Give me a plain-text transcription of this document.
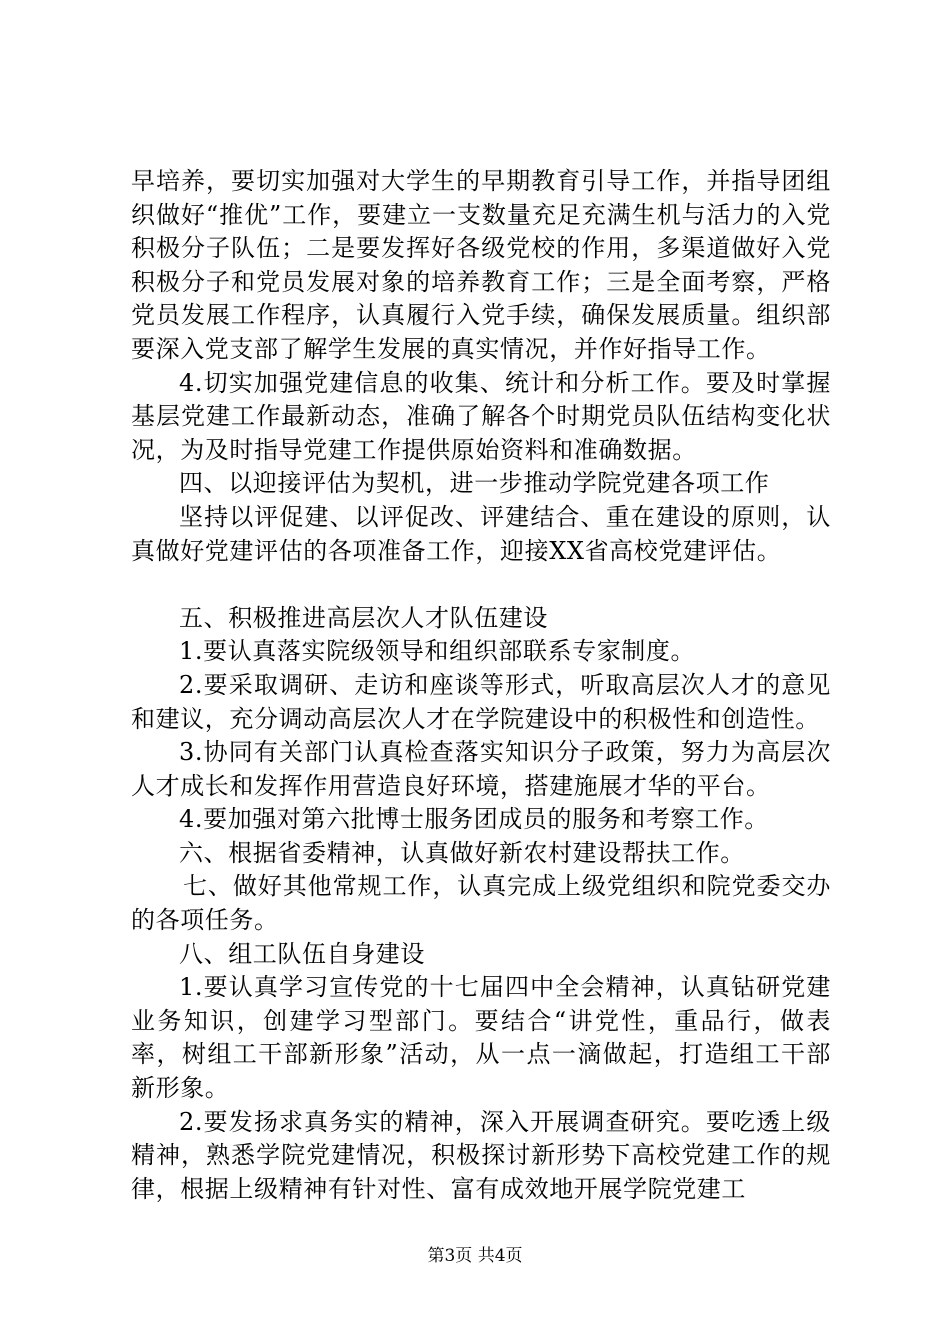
早培养，要切实加强对大学生的早期教育引导工作，并指导团组织做好“推优”工作，要建立一支数量充足充满生机与活力的入党积极分子队伍；二是要发挥好各级党校的作用，多渠道做好入党积极分子和党员发展对象的培养教育工作；三是全面考察，严格党员发展工作程序，认真履行入党手续，确保发展质量。组织部要深入党支部了解学生发展的真实情况，并作好指导工作。

4.切实加强党建信息的收集、统计和分析工作。要及时掌握基层党建工作最新动态，准确了解各个时期党员队伍结构变化状况，为及时指导党建工作提供原始资料和准确数据。

四、以迎接评估为契机，进一步推动学院党建各项工作

坚持以评促建、以评促改、评建结合、重在建设的原则，认真做好党建评估的各项准备工作，迎接XX省高校党建评估。

五、积极推进高层次人才队伍建设

1.要认真落实院级领导和组织部联系专家制度。

2.要采取调研、走访和座谈等形式，听取高层次人才的意见和建议，充分调动高层次人才在学院建设中的积极性和创造性。

3.协同有关部门认真检查落实知识分子政策，努力为高层次人才成长和发挥作用营造良好环境，搭建施展才华的平台。

4.要加强对第六批博士服务团成员的服务和考察工作。

六、根据省委精神，认真做好新农村建设帮扶工作。

七、做好其他常规工作，认真完成上级党组织和院党委交办的各项任务。

八、组工队伍自身建设

1.要认真学习宣传党的十七届四中全会精神，认真钻研党建业务知识，创建学习型部门。要结合“讲党性，重品行，做表率，树组工干部新形象”活动，从一点一滴做起，打造组工干部新形象。

2.要发扬求真务实的精神，深入开展调查研究。要吃透上级精神，熟悉学院党建情况，积极探讨新形势下高校党建工作的规律，根据上级精神有针对性、富有成效地开展学院党建工

第3页 共4页
